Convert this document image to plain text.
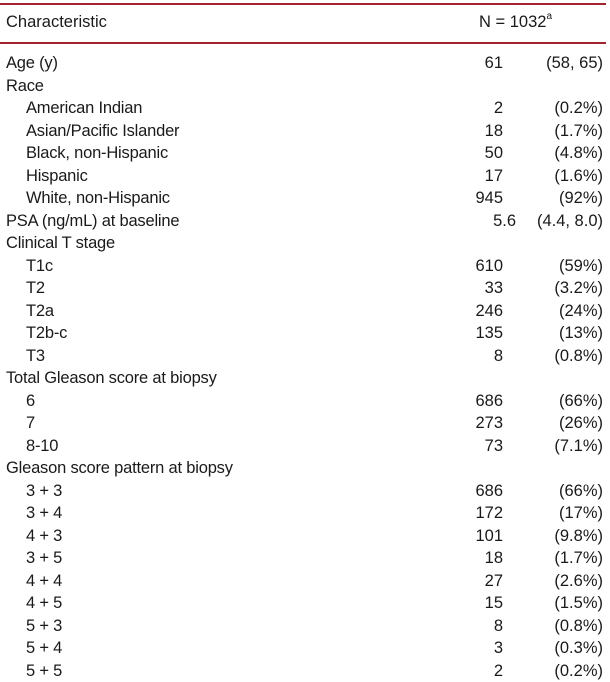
Characteristic	$N = 1032^a$
Age (y)	61	(58, 65)
Race
American Indian	2	(0.2%)
Asian/Pacific Islander	18	(1.7%)
Black, non-Hispanic	50	(4.8%)
Hispanic	17	(1.6%)
White, non-Hispanic	945	(92%)
PSA (ng/mL) at baseline	5.6 (4.4, 8.0)
Clinical T stage
T1c	610	(59%)
T2	33	(3.2%)
T2a	246	(24%)
T2b-c	135	(13%)
T3	8	(0.8%)
Total Gleason score at biopsy
6	686	(66%)
7	273	(26%)
8-10	73	(7.1%)
Gleason score pattern at biopsy
3 + 3	686	(66%)
3 + 4	172	(17%)
4 + 3	101	(9.8%)
3 + 5	18	(1.7%)
4 + 4	27	(2.6%)
4 + 5	15	(1.5%)
5 + 3	8	(0.8%)
5 + 4	3	(0.3%)
5 + 5	2	(0.2%)
